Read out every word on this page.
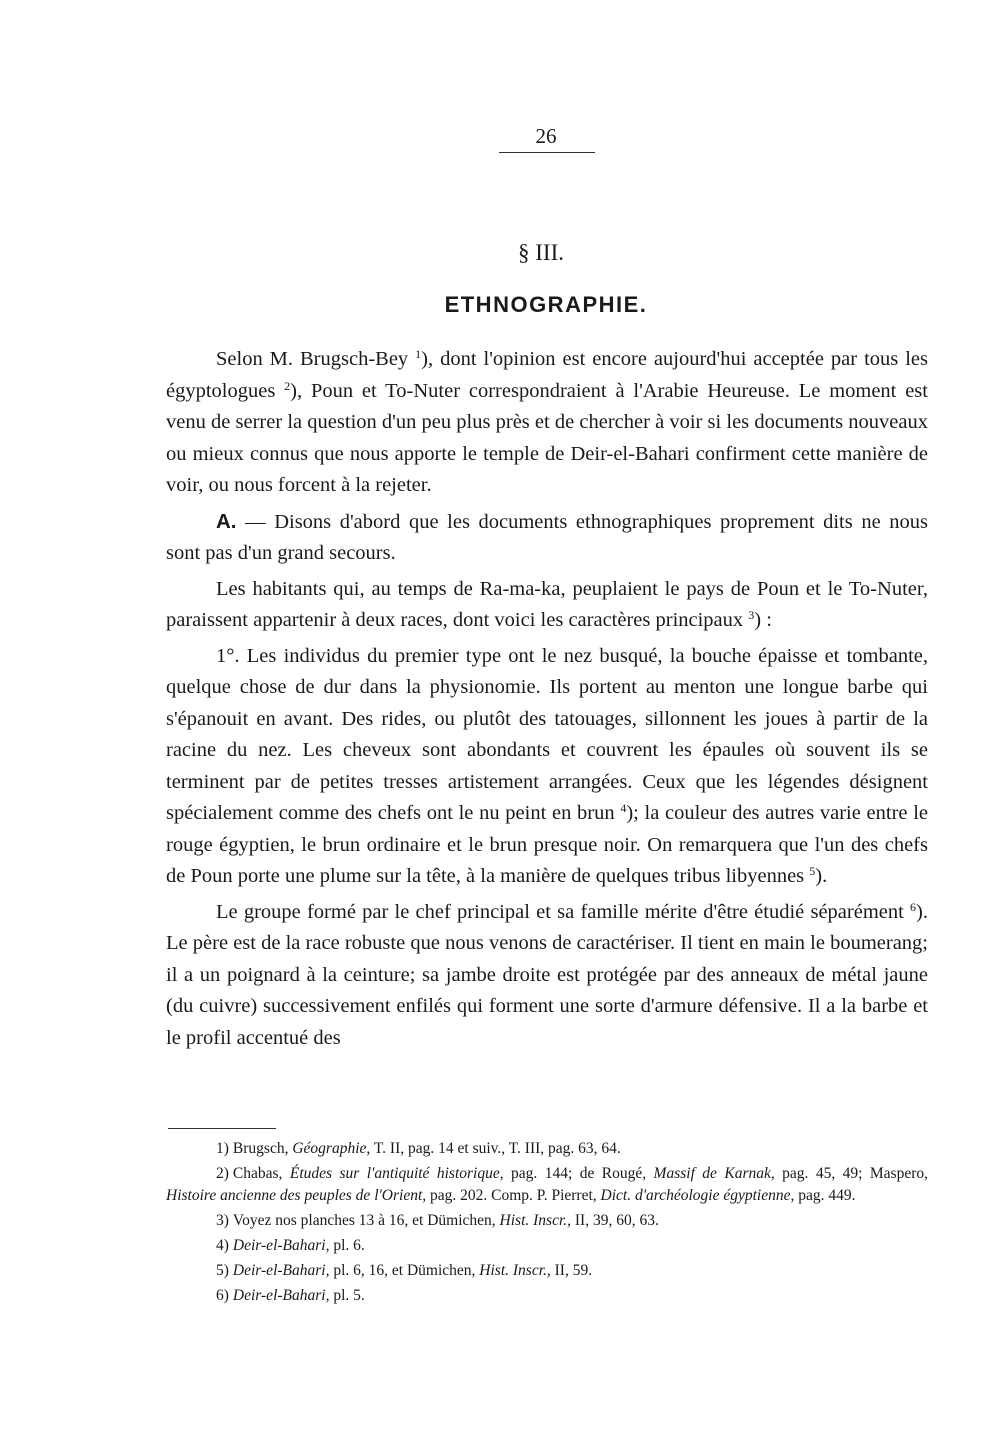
26
§ III.
ETHNOGRAPHIE.

Selon M. Brugsch-Bey $^1$), dont l'opinion est encore aujourd'hui acceptée par tous les égyptologues $^2$), Poun et To-Nuter correspondraient à l'Arabie Heureuse. Le moment est venu de serrer la question d'un peu plus près et de chercher à voir si les documents nouveaux ou mieux connus que nous apporte le temple de Deir-el-Bahari confirment cette manière de voir, ou nous forcent à la rejeter.

A. — Disons d'abord que les documents ethnographiques proprement dits ne nous sont pas d'un grand secours.

Les habitants qui, au temps de Ra-ma-ka, peuplaient le pays de Poun et le To-Nuter, paraissent appartenir à deux races, dont voici les caractères principaux $^3$) :

1°. Les individus du premier type ont le nez busqué, la bouche épaisse et tombante, quelque chose de dur dans la physionomie. Ils portent au menton une longue barbe qui s'épanouit en avant. Des rides, ou plutôt des tatouages, sillonnent les joues à partir de la racine du nez. Les cheveux sont abondants et couvrent les épaules où souvent ils se terminent par de petites tresses artistement arrangées. Ceux que les légendes désignent spécialement comme des chefs ont le nu peint en brun $^4$); la couleur des autres varie entre le rouge égyptien, le brun ordinaire et le brun presque noir. On remarquera que l'un des chefs de Poun porte une plume sur la tête, à la manière de quelques tribus libyennes $^5$).

Le groupe formé par le chef principal et sa famille mérite d'être étudié séparément $^6$). Le père est de la race robuste que nous venons de caractériser. Il tient en main le boumerang; il a un poignard à la ceinture; sa jambe droite est protégée par des anneaux de métal jaune (du cuivre) successivement enfilés qui forment une sorte d'armure défensive. Il a la barbe et le profil accentué des

1) Brugsch, Géographie, T. II, pag. 14 et suiv., T. III, pag. 63, 64.

2) Chabas, Études sur l'antiquité historique, pag. 144; de Rougé, Massif de Karnak, pag. 45, 49; Maspero, Histoire ancienne des peuples de l'Orient, pag. 202. Comp. P. Pierret, Dict. d'archéologie égyptienne, pag. 449.

3) Voyez nos planches 13 à 16, et Dümichen, Hist. Inscr., II, 39, 60, 63.

4) Deir-el-Bahari, pl. 6.

5) Deir-el-Bahari, pl. 6, 16, et Dümichen, Hist. Inscr., II, 59.

6) Deir-el-Bahari, pl. 5.
